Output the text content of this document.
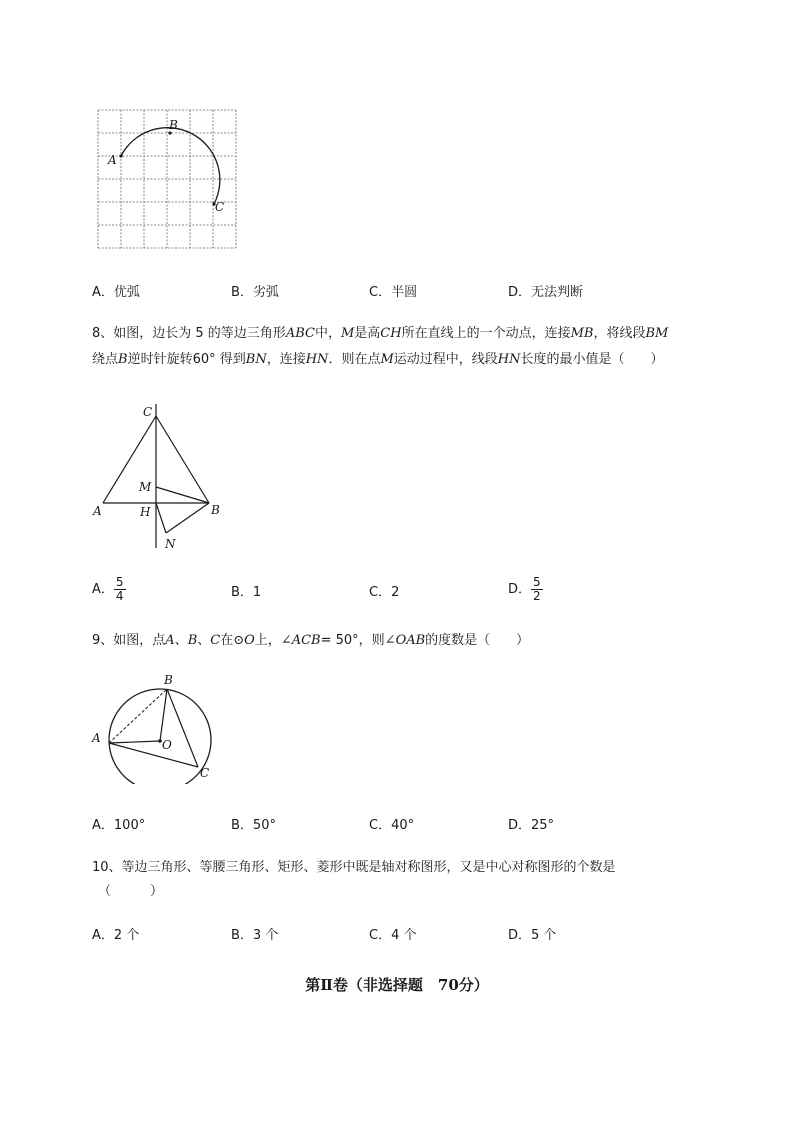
A
B
C
A．优弧	B．劣弧	C．半圆	D．无法判断
8、如图，边长为 5 的等边三角形ABC中，M是高CH所在直线上的一个动点，连接MB，将线段BM
绕点B逆时针旋转60° 得到BN，连接HN．则在点M运动过程中，线段HN长度的最小值是（　　）
C
M
A	H	B
N
A． $\frac{5}{4}$	B．1	C．2	D． $\frac{5}{2}$
9、如图，点A、B、C在⊙O上，∠ACB= 50°，则∠OAB的度数是（　　）
A
B
O
C
A．100°	B．50°	C．40°	D．25°
10、等边三角形、等腰三角形、矩形、菱形中既是轴对称图形，又是中心对称图形的个数是
（　　　）
A．2 个	B．3 个	C．4 个	D．5 个
第Ⅱ卷（非选择题　70分）
